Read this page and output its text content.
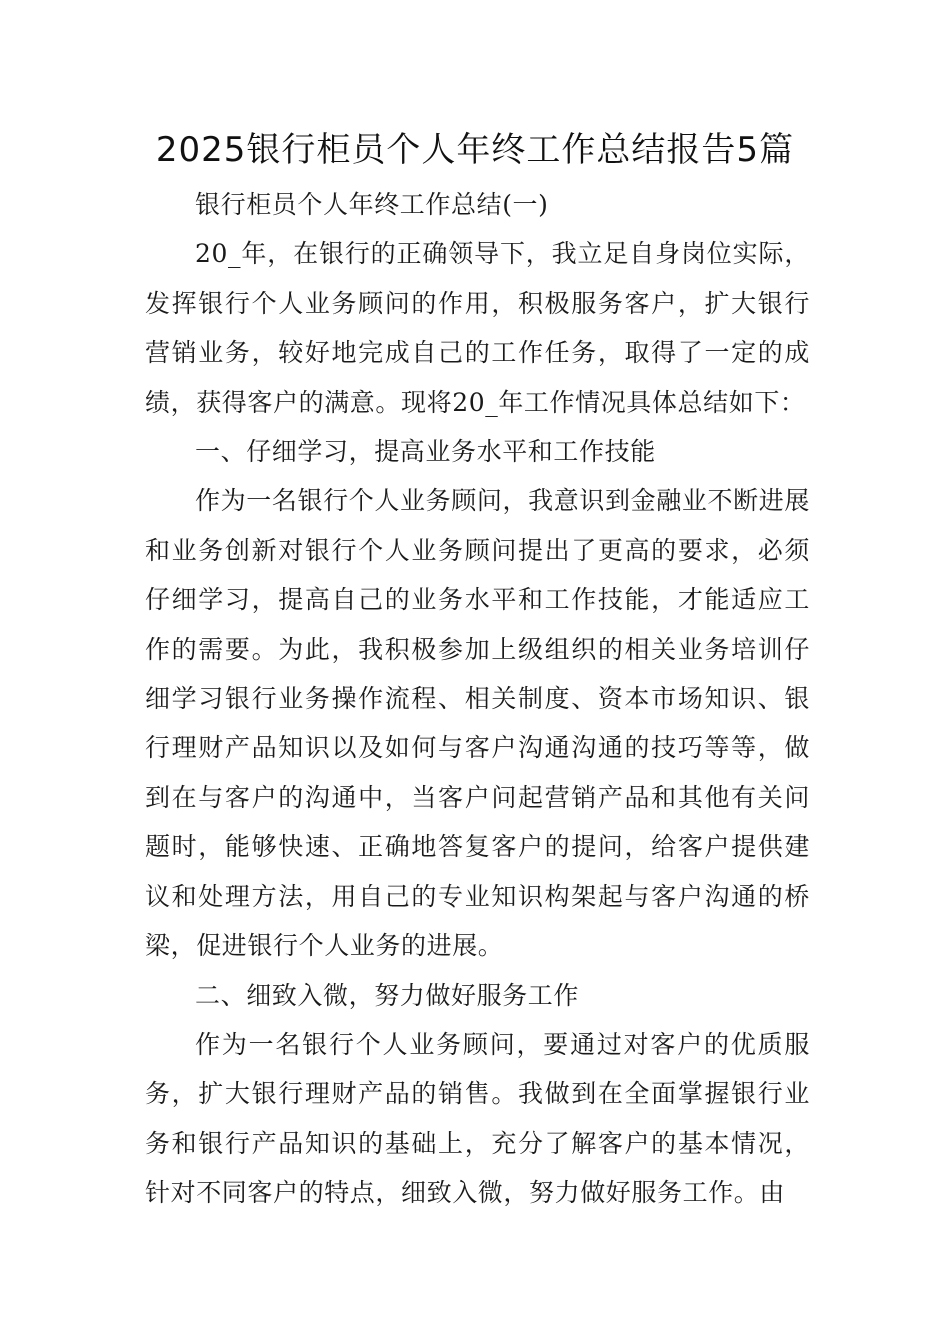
2025银行柜员个人年终工作总结报告5篇

银行柜员个人年终工作总结(一)

20_年，在银行的正确领导下，我立足自身岗位实际，发挥银行个人业务顾问的作用，积极服务客户，扩大银行营销业务，较好地完成自己的工作任务，取得了一定的成绩，获得客户的满意。现将20_年工作情况具体总结如下：

一、仔细学习，提高业务水平和工作技能

作为一名银行个人业务顾问，我意识到金融业不断进展和业务创新对银行个人业务顾问提出了更高的要求，必须仔细学习，提高自己的业务水平和工作技能，才能适应工作的需要。为此，我积极参加上级组织的相关业务培训仔细学习银行业务操作流程、相关制度、资本市场知识、银行理财产品知识以及如何与客户沟通沟通的技巧等等，做到在与客户的沟通中，当客户问起营销产品和其他有关问题时，能够快速、正确地答复客户的提问，给客户提供建议和处理方法，用自己的专业知识构架起与客户沟通的桥梁，促进银行个人业务的进展。

二、细致入微，努力做好服务工作

作为一名银行个人业务顾问，要通过对客户的优质服务，扩大银行理财产品的销售。我做到在全面掌握银行业务和银行产品知识的基础上，充分了解客户的基本情况，针对不同客户的特点，细致入微，努力做好服务工作。由
